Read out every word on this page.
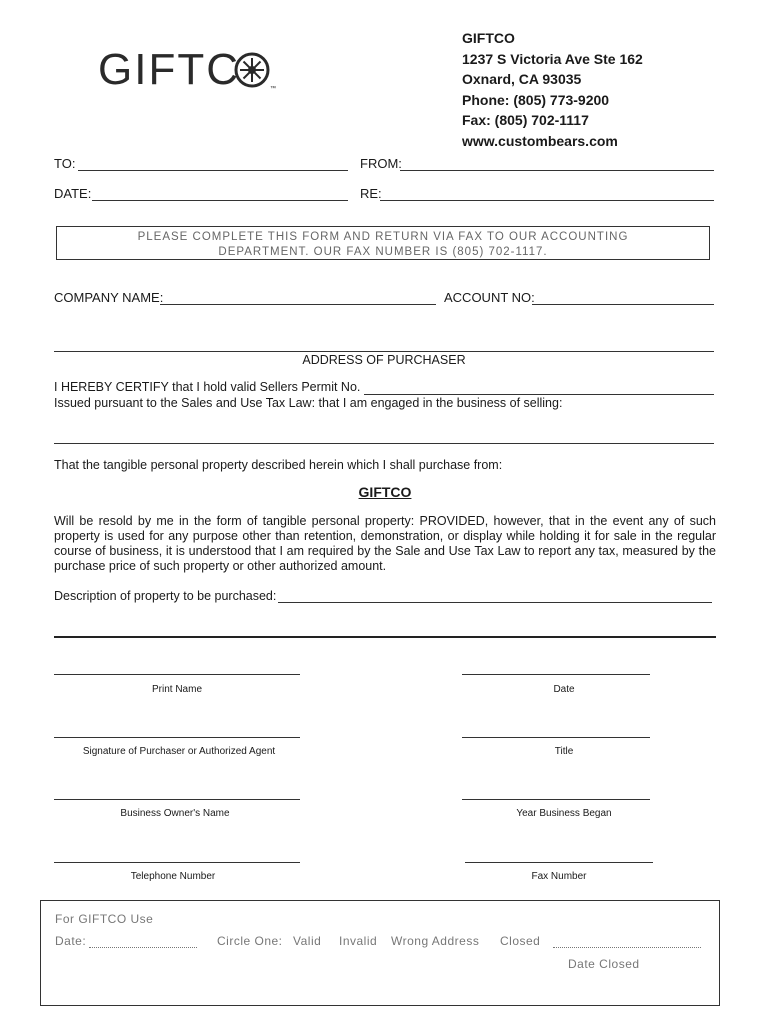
GIFTC	™
GIFTCO
1237 S Victoria Ave Ste 162
Oxnard, CA 93035
Phone: (805) 773-9200
Fax: (805) 702-1117
www.custombears.com
TO:	FROM:
DATE:	RE:
PLEASE COMPLETE THIS FORM AND RETURN VIA FAX TO OUR ACCOUNTING
DEPARTMENT. OUR FAX NUMBER IS (805) 702-1117.
COMPANY NAME:	ACCOUNT NO:
ADDRESS OF PURCHASER
I HEREBY CERTIFY that I hold valid Sellers Permit No.
Issued pursuant to the Sales and Use Tax Law: that I am engaged in the business of selling:
That the tangible personal property described herein which I shall purchase from:
GIFTCO
Will be resold by me in the form of tangible personal property: PROVIDED, however, that in the event any of such property is used for any purpose other than retention, demonstration, or display while holding it for sale in the regular course of business, it is understood that I am required by the Sale and Use Tax Law to report any tax, measured by the purchase price of such property or other authorized amount.
Description of property to be purchased:
Print Name	Date
Signature of Purchaser or Authorized Agent	Title
Business Owner's Name	Year Business Began
Telephone Number	Fax Number
For GIFTCO Use
Date:	Circle One: Valid Invalid Wrong Address Closed
Date Closed
